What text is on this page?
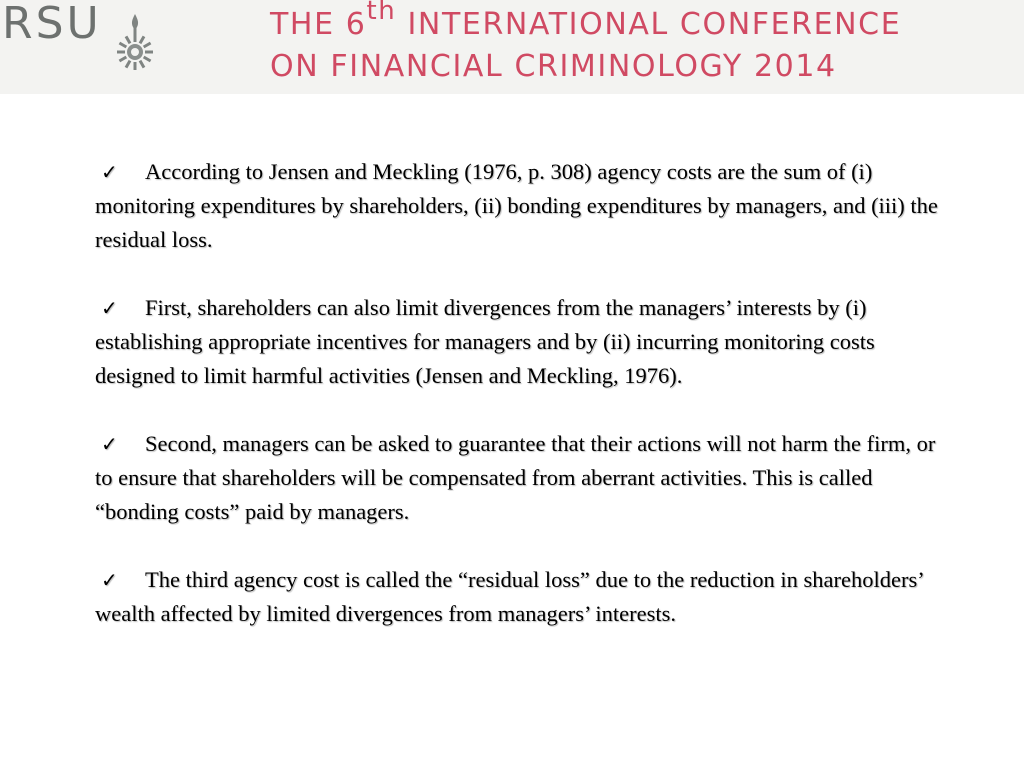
RSU	THE 6th INTERNATIONAL CONFERENCE
ON FINANCIAL CRIMINOLOGY 2014

✓ According to Jensen and Meckling (1976, p. 308) agency costs are the sum of (i) monitoring expenditures by shareholders, (ii) bonding expenditures by managers, and (iii) the residual loss.

✓ First, shareholders can also limit divergences from the managers’ interests by (i) establishing appropriate incentives for managers and by (ii) incurring monitoring costs designed to limit harmful activities (Jensen and Meckling, 1976).

✓ Second, managers can be asked to guarantee that their actions will not harm the firm, or to ensure that shareholders will be compensated from aberrant activities. This is called “bonding costs” paid by managers.

✓ The third agency cost is called the “residual loss” due to the reduction in shareholders’ wealth affected by limited divergences from managers’ interests.
